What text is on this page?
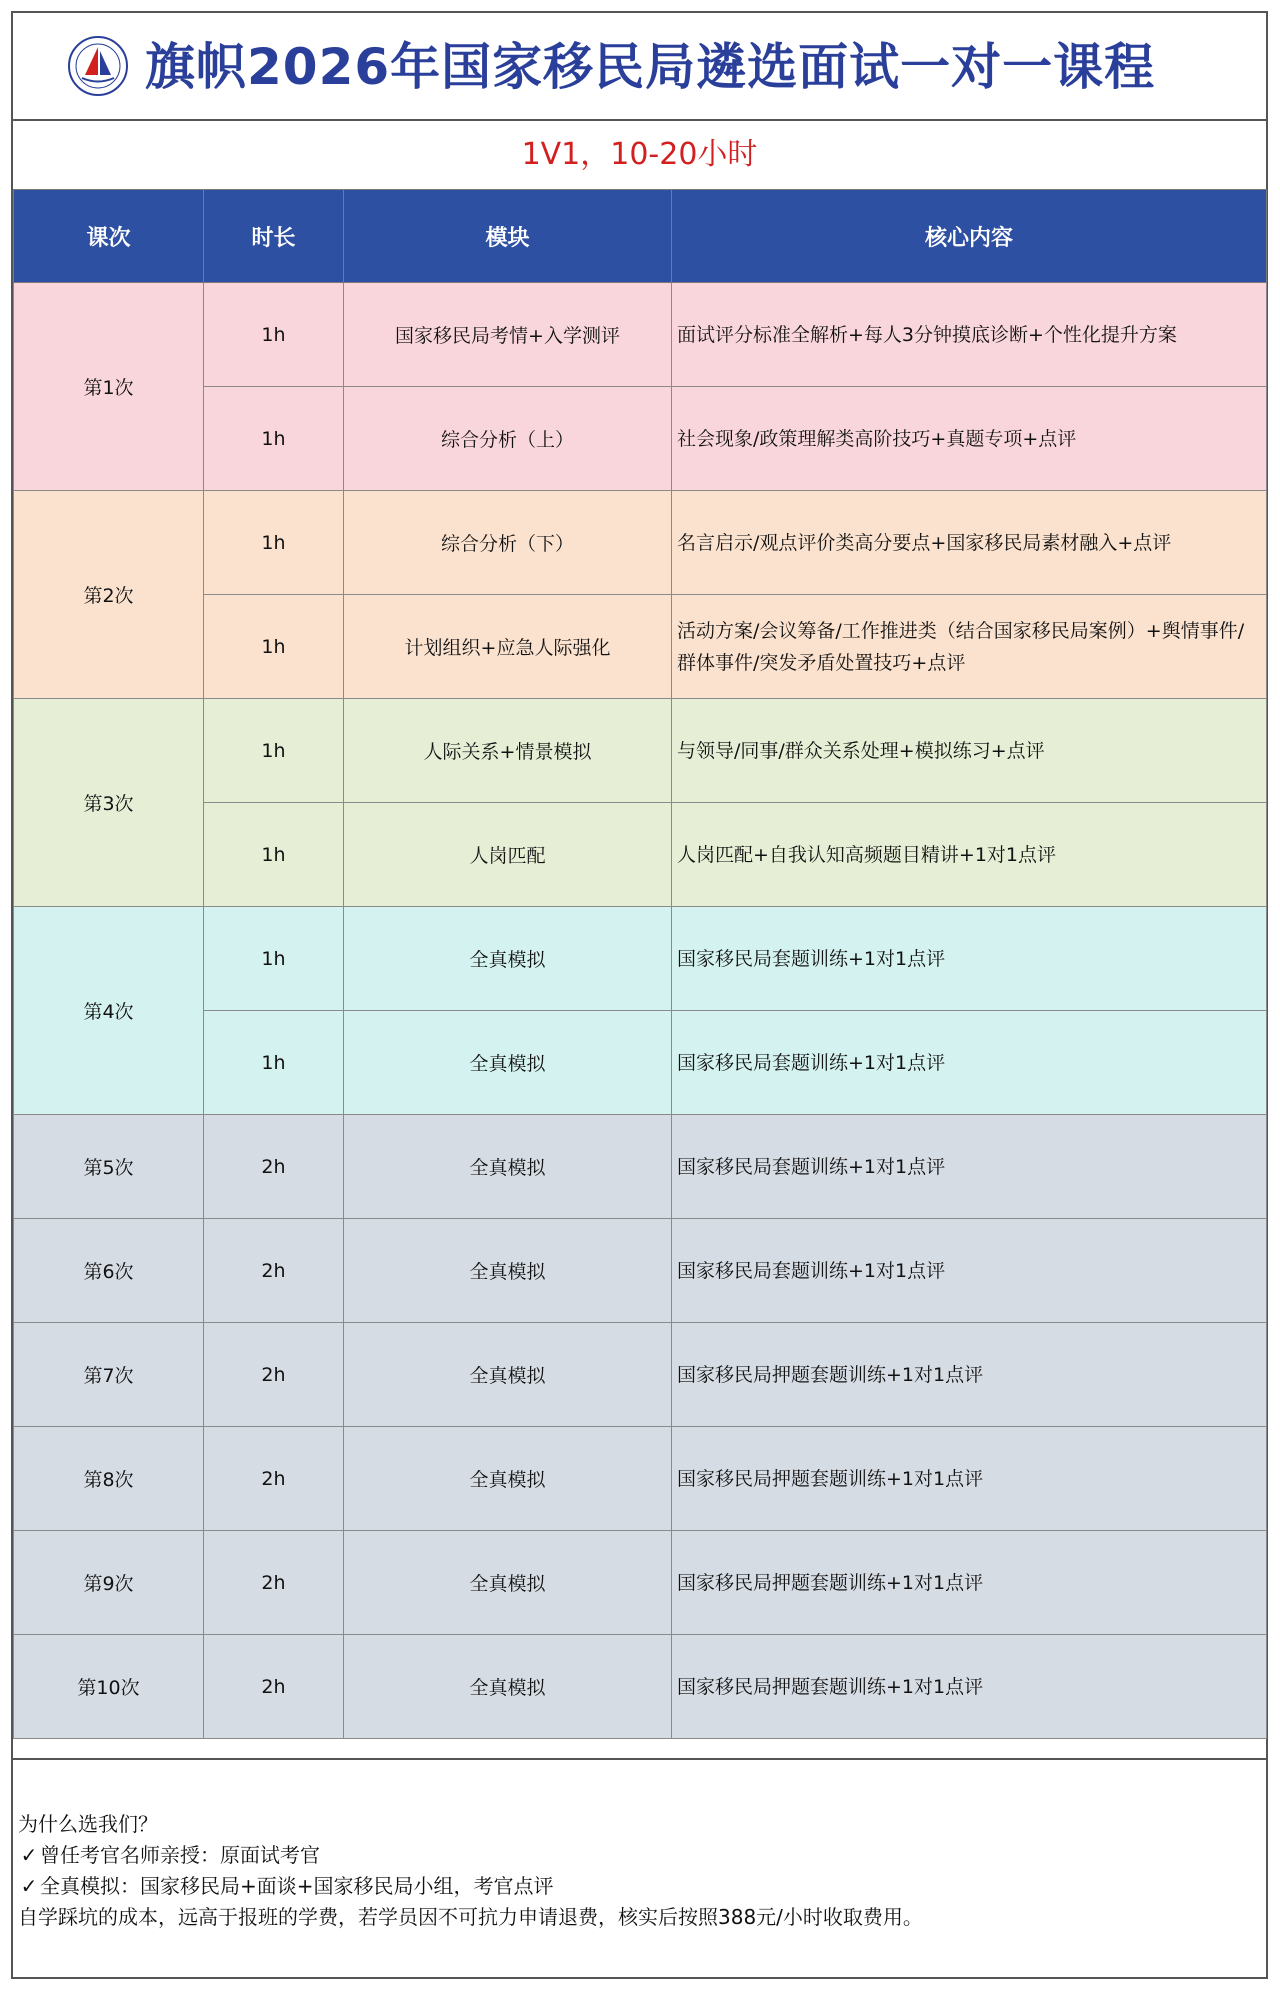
旗帜2026年国家移民局遴选面试一对一课程
1V1，10-20小时
课次	时长	模块	核心内容
第1次	1h	国家移民局考情+入学测评	面试评分标准全解析+每人3分钟摸底诊断+个性化提升方案
	1h	综合分析（上）	社会现象/政策理解类高阶技巧+真题专项+点评
第2次	1h	综合分析（下）	名言启示/观点评价类高分要点+国家移民局素材融入+点评
	1h	计划组织+应急人际强化	活动方案/会议筹备/工作推进类（结合国家移民局案例）+舆情事件/群体事件/突发矛盾处置技巧+点评
第3次	1h	人际关系+情景模拟	与领导/同事/群众关系处理+模拟练习+点评
	1h	人岗匹配	人岗匹配+自我认知高频题目精讲+1对1点评
第4次	1h	全真模拟	国家移民局套题训练+1对1点评
	1h	全真模拟	国家移民局套题训练+1对1点评
第5次	2h	全真模拟	国家移民局套题训练+1对1点评
第6次	2h	全真模拟	国家移民局套题训练+1对1点评
第7次	2h	全真模拟	国家移民局押题套题训练+1对1点评
第8次	2h	全真模拟	国家移民局押题套题训练+1对1点评
第9次	2h	全真模拟	国家移民局押题套题训练+1对1点评
第10次	2h	全真模拟	国家移民局押题套题训练+1对1点评
为什么选我们？
✓ 曾任考官名师亲授：原面试考官
✓ 全真模拟：国家移民局+面谈+国家移民局小组，考官点评
自学踩坑的成本，远高于报班的学费，若学员因不可抗力申请退费，核实后按照388元/小时收取费用。
